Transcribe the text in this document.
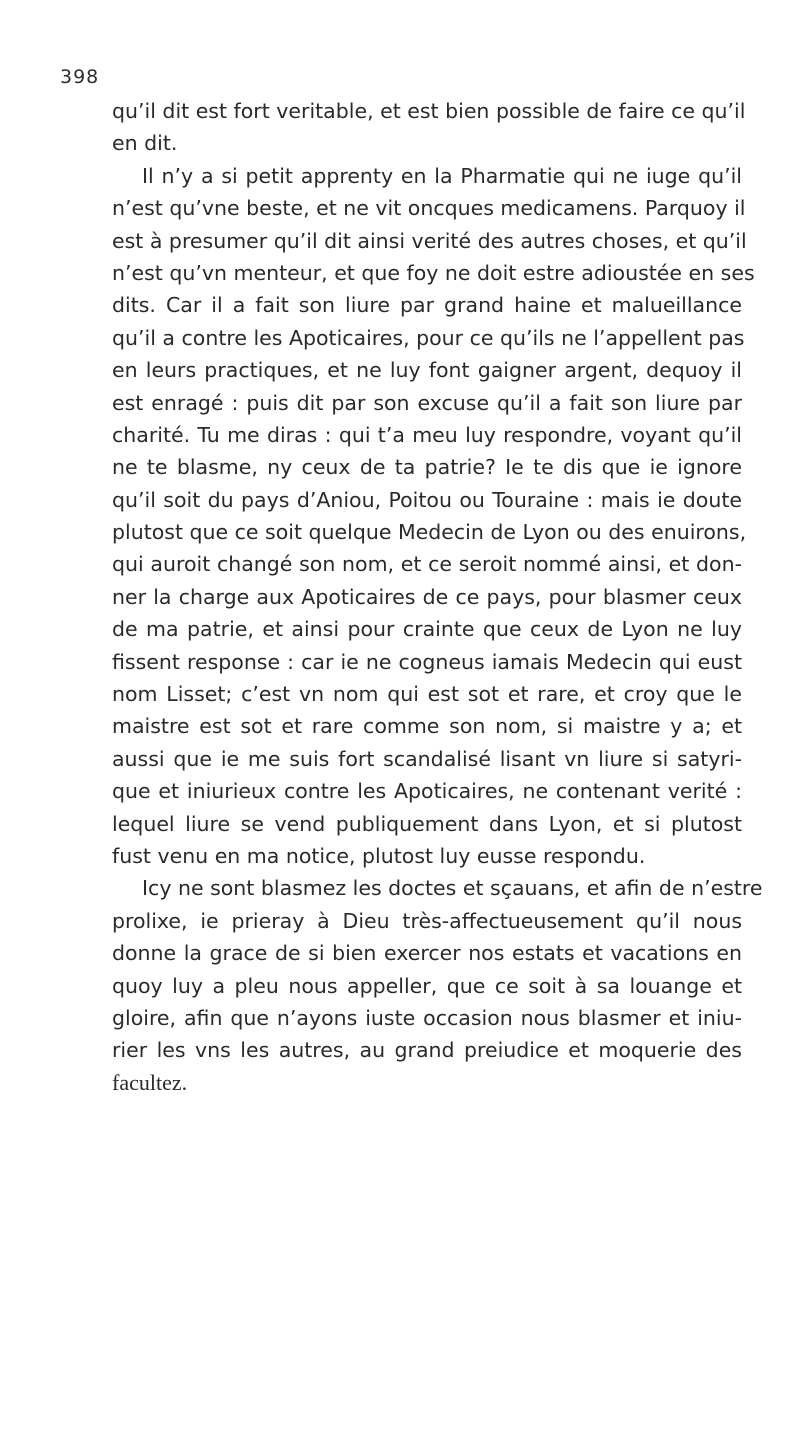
398
qu’il dit est fort veritable, et est bien possible de faire ce qu’il
en dit.
Il n’y a si petit apprenty en la Pharmatie qui ne iuge qu’il
n’est qu’vne beste, et ne vit oncques medicamens. Parquoy il
est à presumer qu’il dit ainsi verité des autres choses, et qu’il
n’est qu’vn menteur, et que foy ne doit estre adioustée en ses
dits. Car il a fait son liure par grand haine et malueillance
qu’il a contre les Apoticaires, pour ce qu’ils ne l’appellent pas
en leurs practiques, et ne luy font gaigner argent, dequoy il
est enragé : puis dit par son excuse qu’il a fait son liure par
charité. Tu me diras : qui t’a meu luy respondre, voyant qu’il
ne te blasme, ny ceux de ta patrie? Ie te dis que ie ignore
qu’il soit du pays d’Aniou, Poitou ou Touraine : mais ie doute
plutost que ce soit quelque Medecin de Lyon ou des enuirons,
qui auroit changé son nom, et ce seroit nommé ainsi, et don-
ner la charge aux Apoticaires de ce pays, pour blasmer ceux
de ma patrie, et ainsi pour crainte que ceux de Lyon ne luy
fissent response : car ie ne cogneus iamais Medecin qui eust
nom Lisset; c’est vn nom qui est sot et rare, et croy que le
maistre est sot et rare comme son nom, si maistre y a; et
aussi que ie me suis fort scandalisé lisant vn liure si satyri-
que et iniurieux contre les Apoticaires, ne contenant verité :
lequel liure se vend publiquement dans Lyon, et si plutost
fust venu en ma notice, plutost luy eusse respondu.
Icy ne sont blasmez les doctes et sçauans, et afin de n’estre
prolixe, ie prieray à Dieu très-affectueusement qu’il nous
donne la grace de si bien exercer nos estats et vacations en
quoy luy a pleu nous appeller, que ce soit à sa louange et
gloire, afin que n’ayons iuste occasion nous blasmer et iniu-
rier les vns les autres, au grand preiudice et moquerie des
facultez.
